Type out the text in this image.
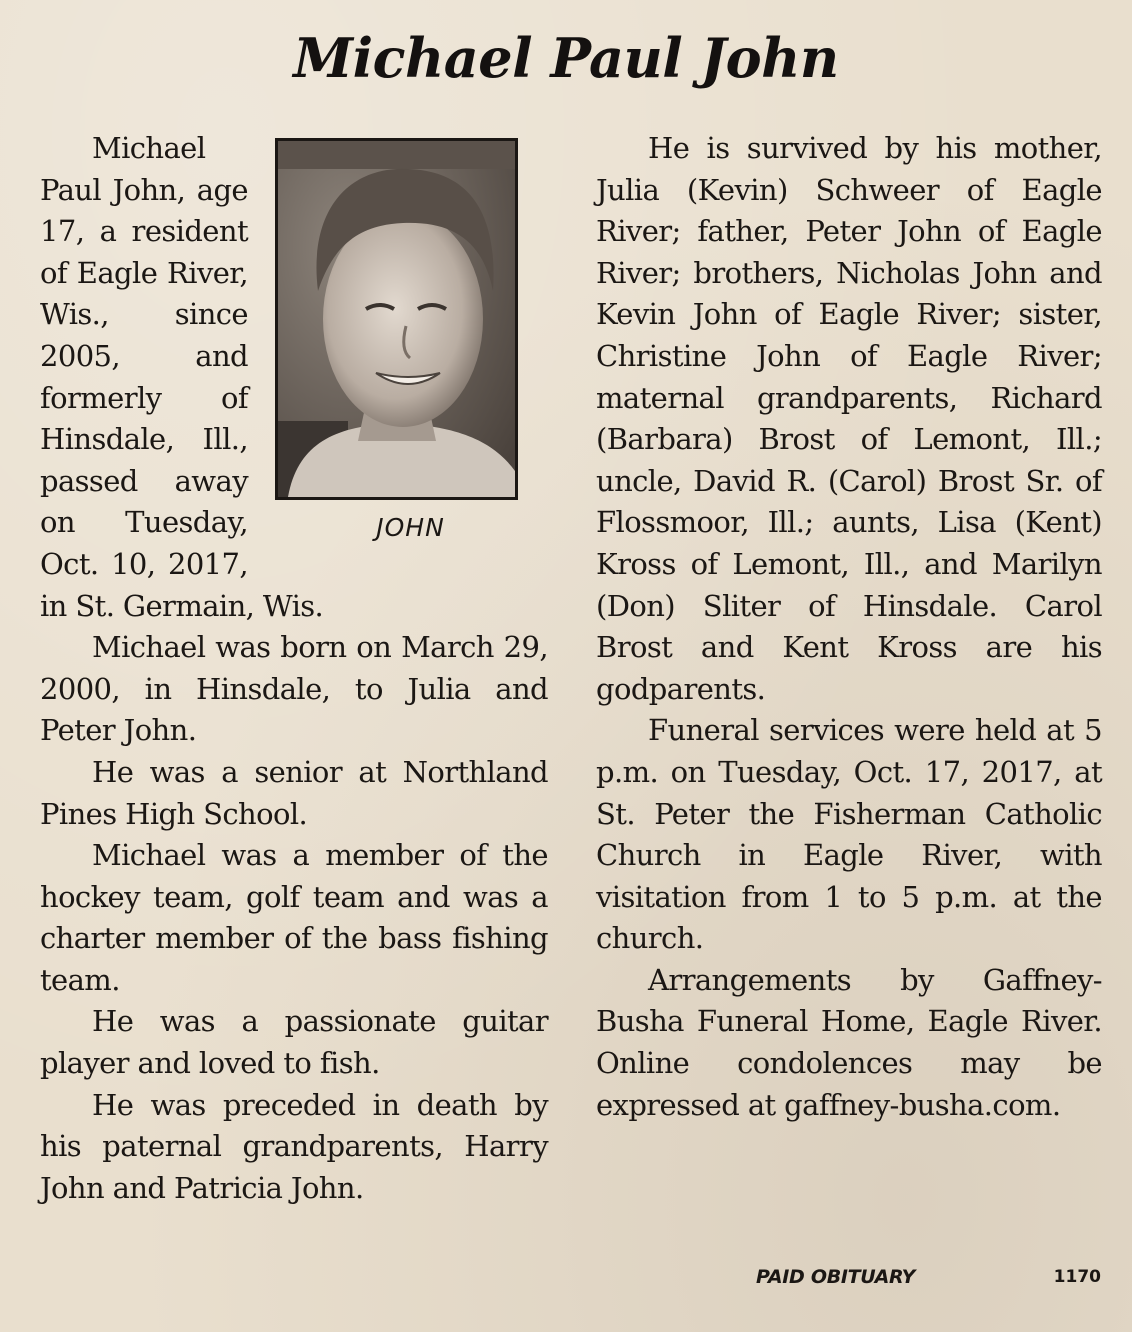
Michael Paul John
JOHN

Michael Paul John, age 17, a resident of Eagle River, Wis., since 2005, and formerly of Hinsdale, Ill., passed away on Tuesday, Oct. 10, 2017, in St. Germain, Wis.

Michael was born on March 29, 2000, in Hinsdale, to Julia and Peter John.

He was a senior at Northland Pines High School.

Michael was a member of the hockey team, golf team and was a charter member of the bass fishing team.

He was a passionate guitar player and loved to fish.

He was preceded in death by his paternal grandparents, Harry John and Patricia John.

He is survived by his mother, Julia (Kevin) Schweer of Eagle River; father, Peter John of Eagle River; brothers, Nicholas John and Kevin John of Eagle River; sister, Christine John of Eagle River; maternal grandparents, Richard (Barbara) Brost of Lemont, Ill.; uncle, David R. (Carol) Brost Sr. of Flossmoor, Ill.; aunts, Lisa (Kent) Kross of Lemont, Ill., and Marilyn (Don) Sliter of Hinsdale. Carol Brost and Kent Kross are his godparents.

Funeral services were held at 5 p.m. on Tuesday, Oct. 17, 2017, at St. Peter the Fisherman Catholic Church in Eagle River, with visitation from 1 to 5 p.m. at the church.

Arrangements by Gaffney-Busha Funeral Home, Eagle River. Online condolences may be expressed at gaffney-busha.com.

PAID OBITUARY	1170
